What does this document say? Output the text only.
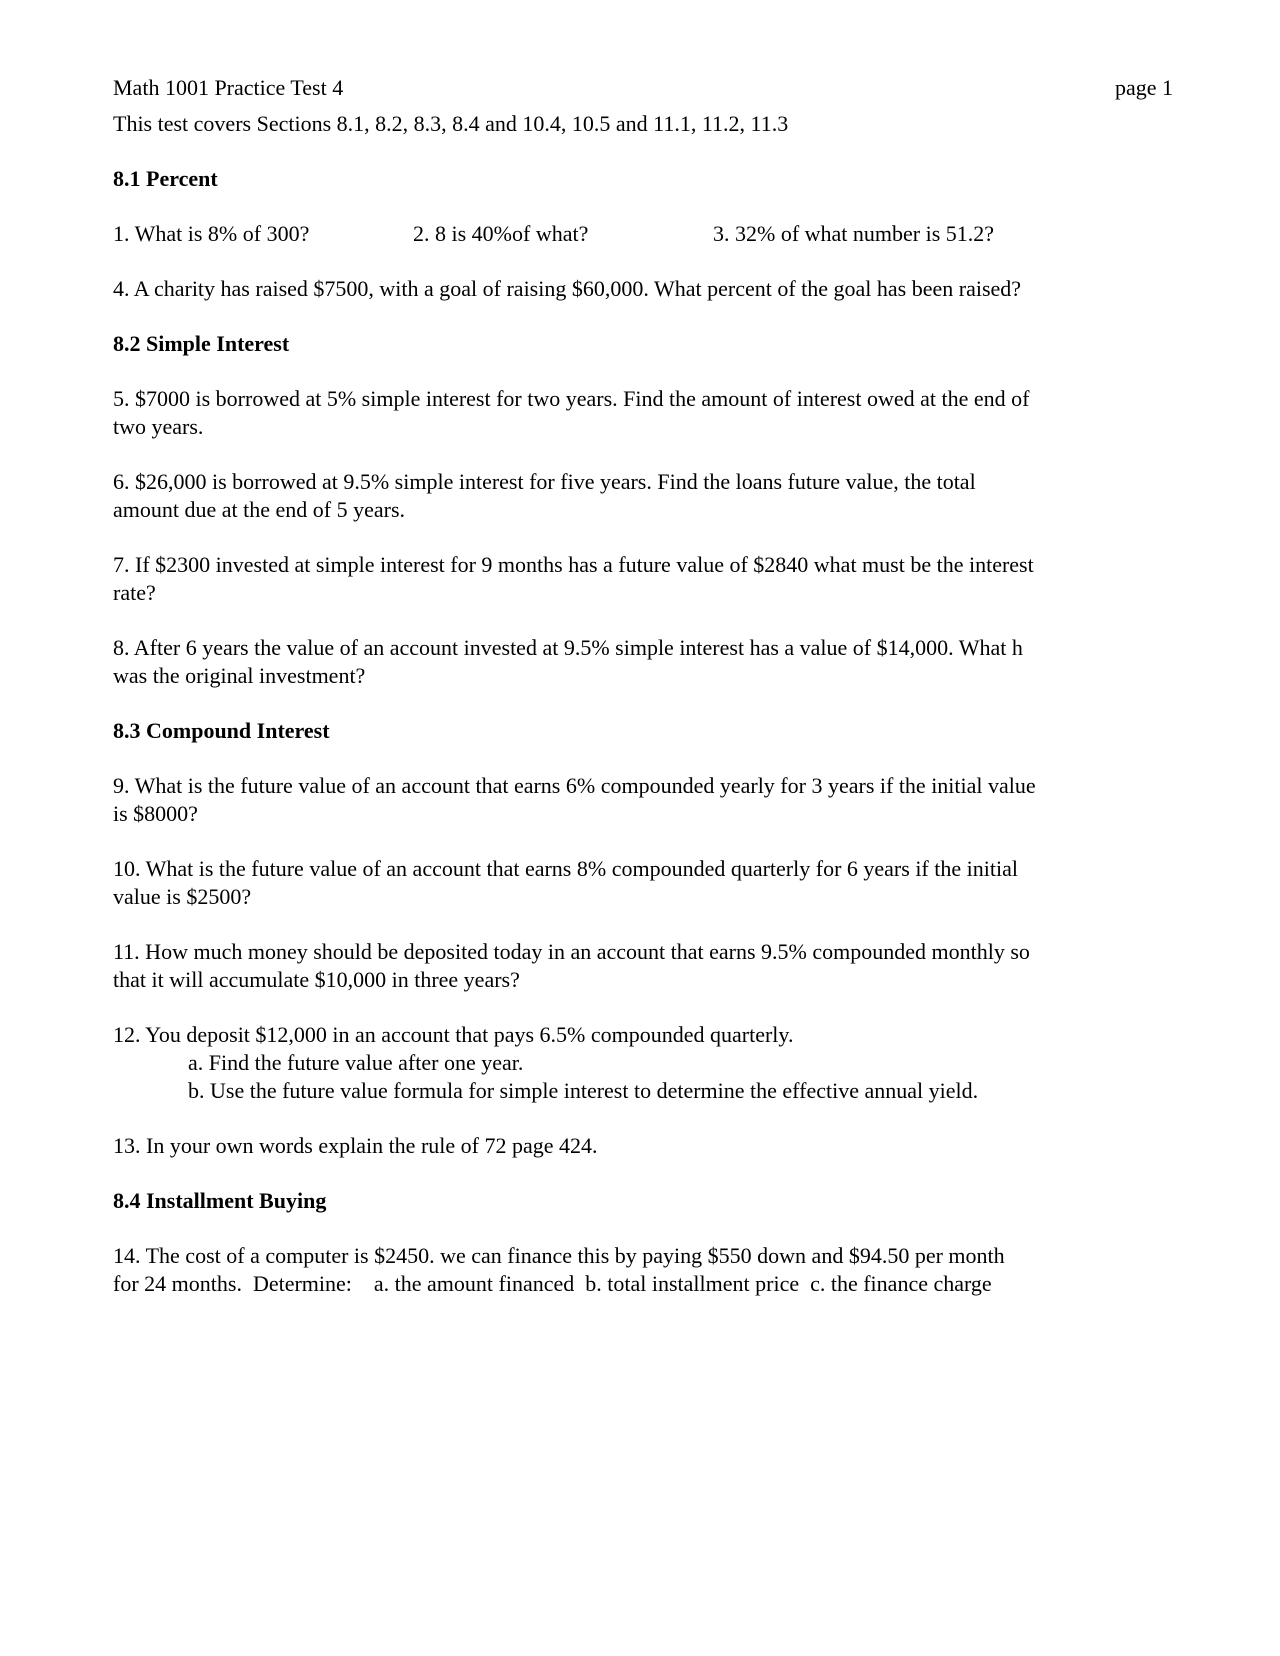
Math 1001 Practice Test 4	page 1
This test covers Sections 8.1, 8.2, 8.3, 8.4 and 10.4, 10.5 and 11.1, 11.2, 11.3
8.1 Percent
1. What is 8% of 300?	2. 8 is 40%of what?	3. 32% of what number is 51.2?
4. A charity has raised $7500, with a goal of raising $60,000. What percent of the goal has been raised?
8.2 Simple Interest
5. $7000 is borrowed at 5% simple interest for two years. Find the amount of interest owed at the end of
two years.
6. $26,000 is borrowed at 9.5% simple interest for five years. Find the loans future value, the total
amount due at the end of 5 years.
7. If $2300 invested at simple interest for 9 months has a future value of $2840 what must be the interest
rate?
8. After 6 years the value of an account invested at 9.5% simple interest has a value of $14,000. What h
was the original investment?
8.3 Compound Interest
9. What is the future value of an account that earns 6% compounded yearly for 3 years if the initial value
is $8000?
10. What is the future value of an account that earns 8% compounded quarterly for 6 years if the initial
value is $2500?
11. How much money should be deposited today in an account that earns 9.5% compounded monthly so
that it will accumulate $10,000 in three years?
12. You deposit $12,000 in an account that pays 6.5% compounded quarterly.
a. Find the future value after one year.
b. Use the future value formula for simple interest to determine the effective annual yield.
13. In your own words explain the rule of 72 page 424.
8.4 Installment Buying
14. The cost of a computer is $2450. we can finance this by paying $550 down and $94.50 per month
for 24 months.  Determine:    a. the amount financed  b. total installment price  c. the finance charge
